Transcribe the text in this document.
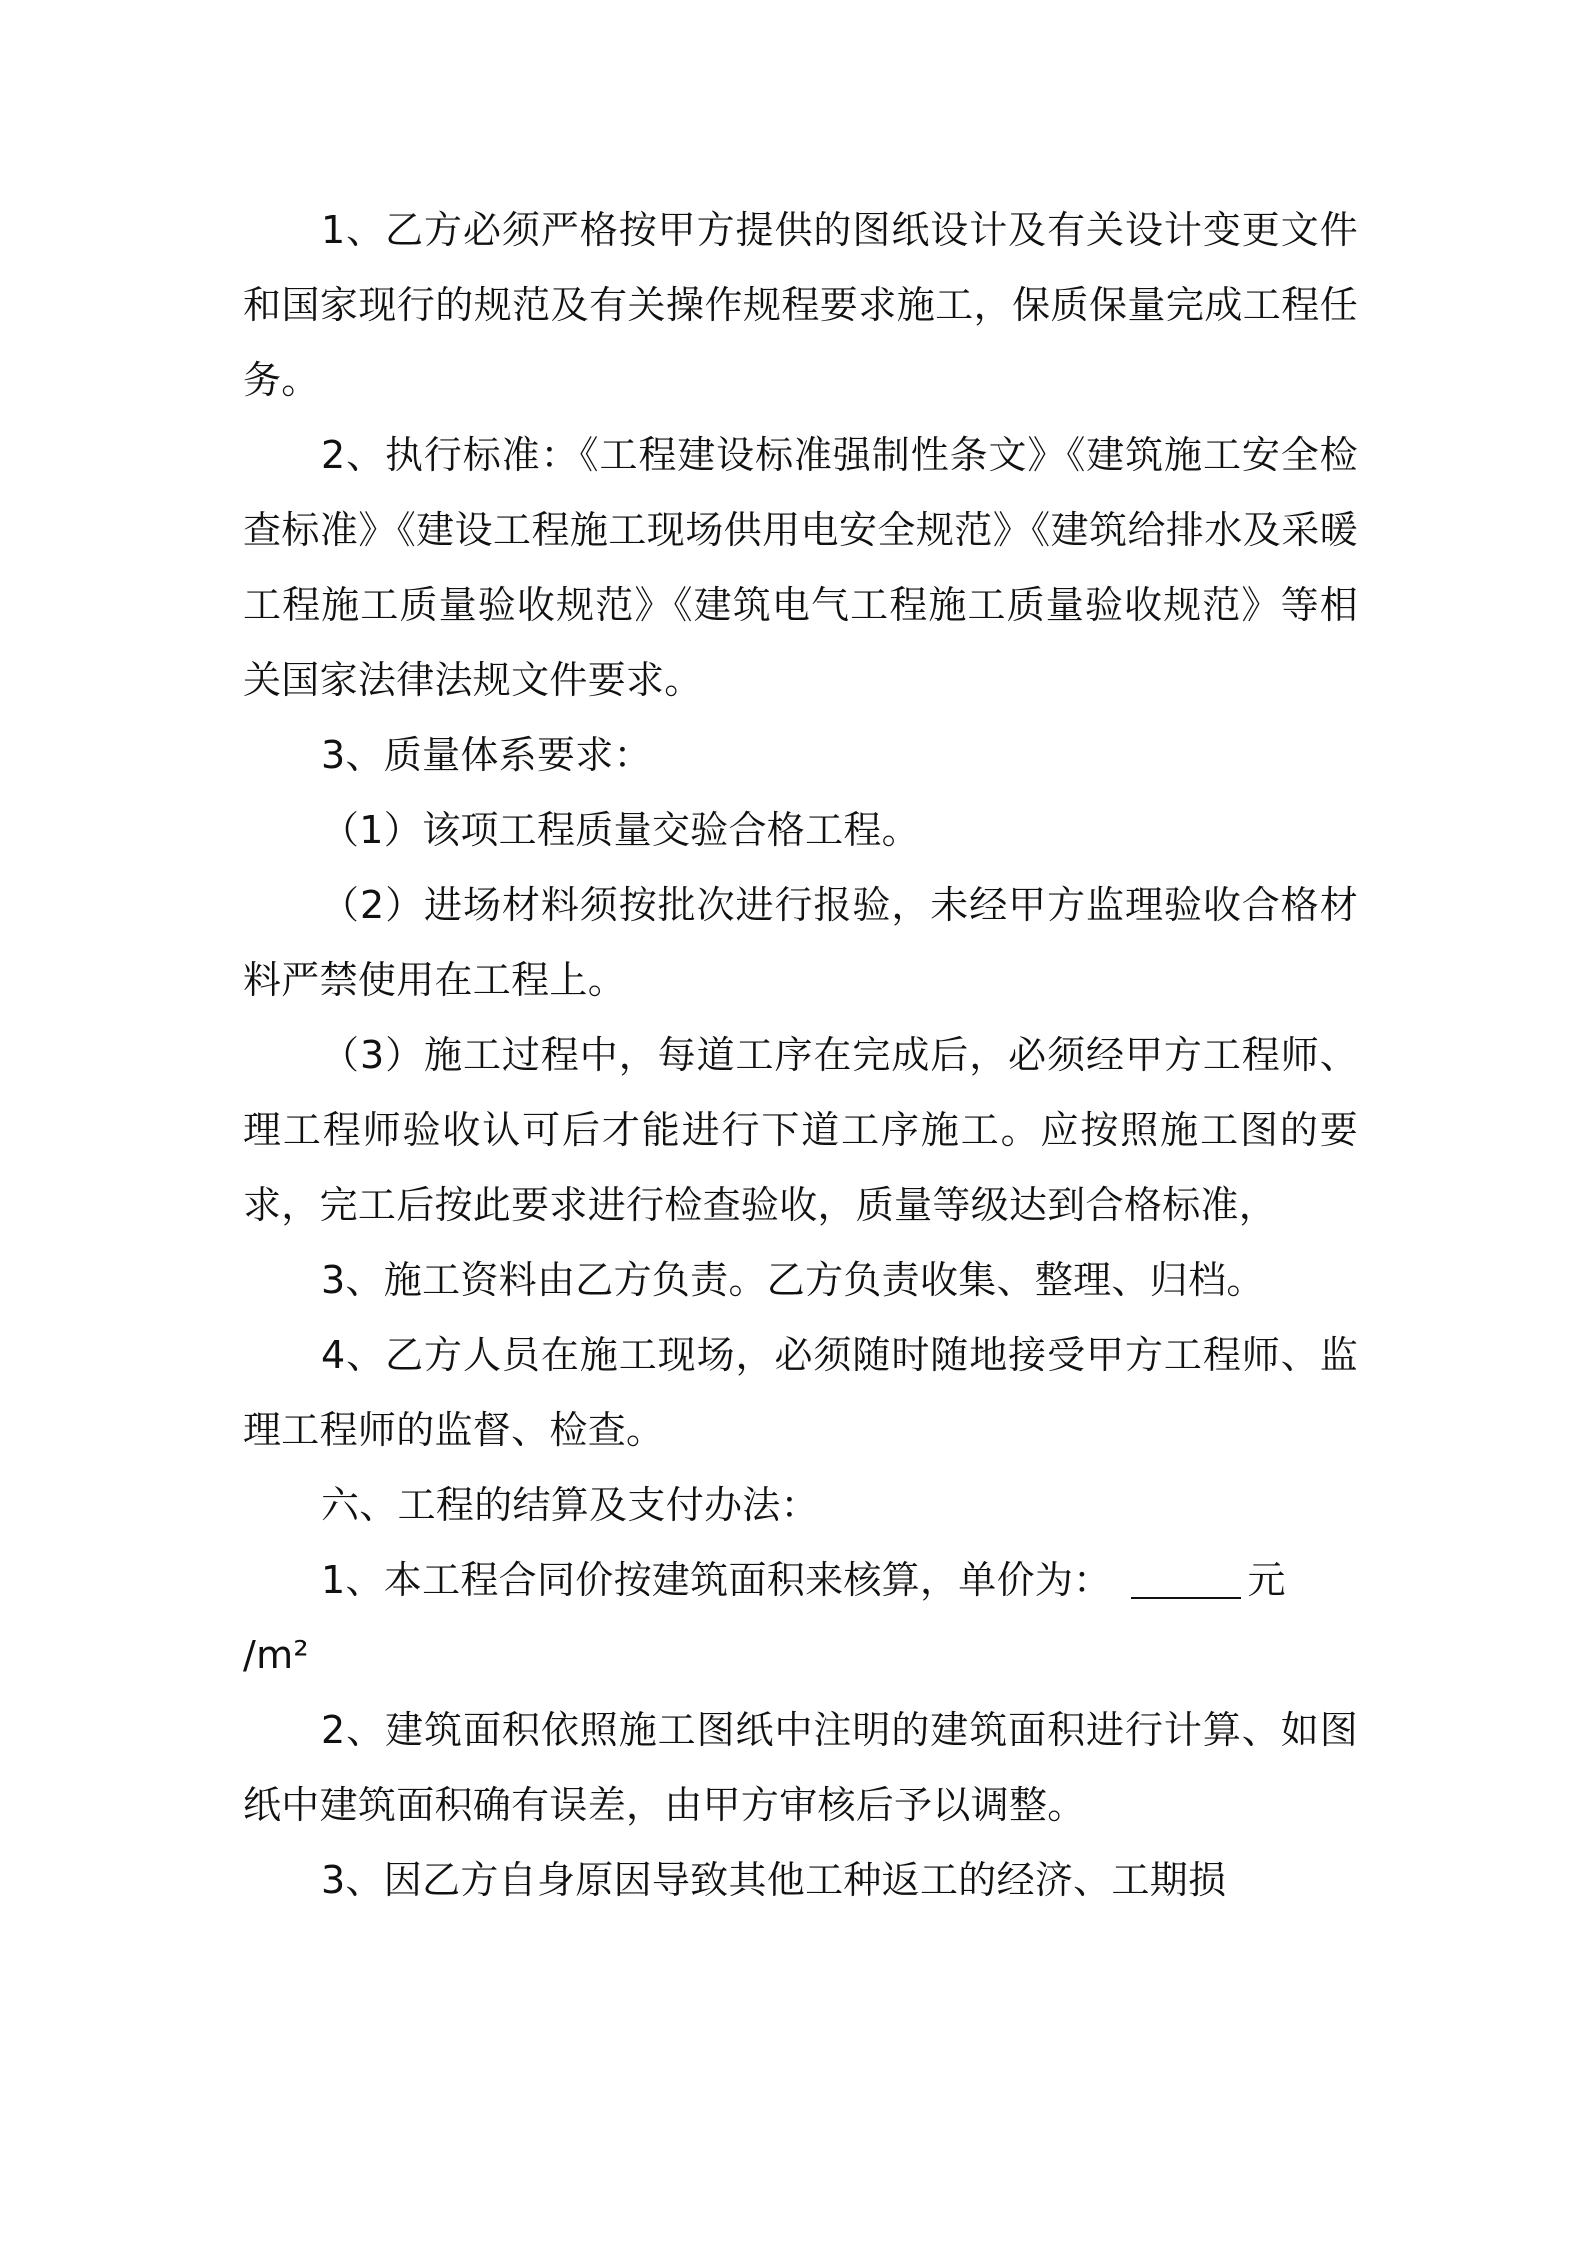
1、乙方必须严格按甲方提供的图纸设计及有关设计变更文件和国家现行的规范及有关操作规程要求施工，保质保量完成工程任务。

2、执行标准：《工程建设标准强制性条文》《建筑施工安全检查标准》《建设工程施工现场供用电安全规范》《建筑给排水及采暖工程施工质量验收规范》《建筑电气工程施工质量验收规范》等相关国家法律法规文件要求。

3、质量体系要求：

（1）该项工程质量交验合格工程。

（2）进场材料须按批次进行报验，未经甲方监理验收合格材料严禁使用在工程上。

（3）施工过程中，每道工序在完成后，必须经甲方工程师、理工程师验收认可后才能进行下道工序施工。应按照施工图的要求，完工后按此要求进行检查验收，质量等级达到合格标准，

3、施工资料由乙方负责。乙方负责收集、整理、归档。

4、乙方人员在施工现场，必须随时随地接受甲方工程师、监理工程师的监督、检查。

六、工程的结算及支付办法：

1、本工程合同价按建筑面积来核算，单价为：	元
/m²

2、建筑面积依照施工图纸中注明的建筑面积进行计算、如图纸中建筑面积确有误差，由甲方审核后予以调整。

3、因乙方自身原因导致其他工种返工的经济、工期损
